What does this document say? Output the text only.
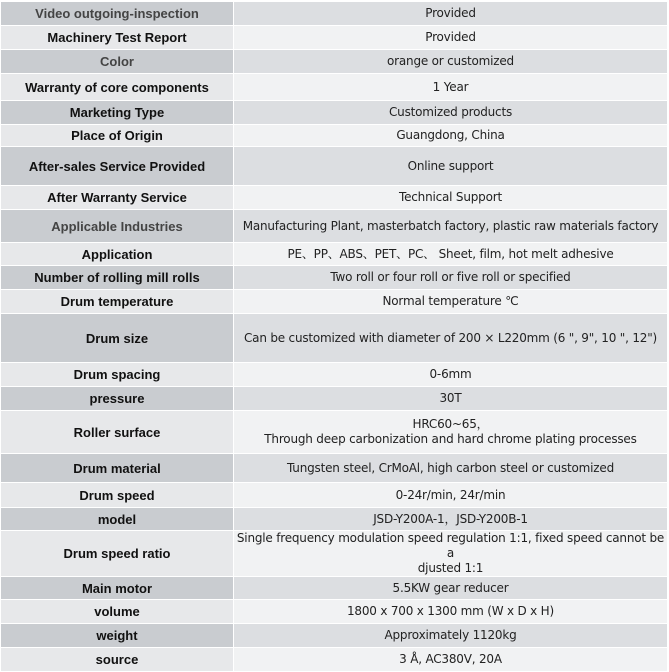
Video outgoing-inspection	Provided
Machinery Test Report	Provided
Color	orange or customized
Warranty of core components	1 Year
Marketing Type	Customized products
Place of Origin	Guangdong, China
After-sales Service Provided	Online support
After Warranty Service	Technical Support
Applicable Industries	Manufacturing Plant, masterbatch factory, plastic raw materials factory
Application	PE、PP、ABS、PET、PC、 Sheet, film, hot melt adhesive
Number of rolling mill rolls	Two roll or four roll or five roll or specified
Drum temperature	Normal temperature ℃
Drum size	Can be customized with diameter of 200 × L220mm (6 ", 9", 10 ", 12")
Drum spacing	0-6mm
pressure	30T
Roller surface	HRC60~65，
Through deep carbonization and hard chrome plating processes

Drum material	Tungsten steel, CrMoAl, high carbon steel or customized
Drum speed	0-24r/min, 24r/min
model	JSD-Y200A-1，JSD-Y200B-1
Drum speed ratio	Single frequency modulation speed regulation 1:1, fixed speed cannot be a
djusted 1:1

Main motor	5.5KW gear reducer
volume	1800 x 700 x 1300 mm (W x D x H)
weight	Approximately 1120kg
source	3 Å, AC380V, 20A
